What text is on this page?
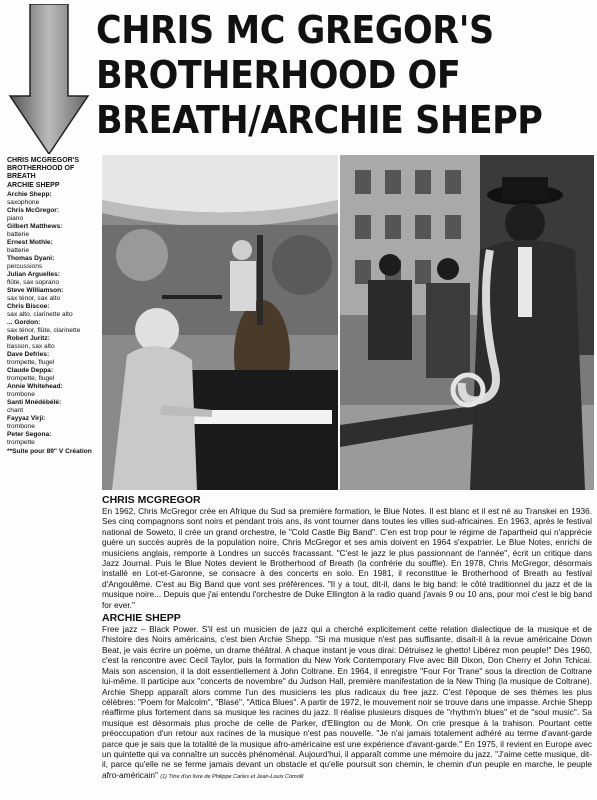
CHRIS MC GREGOR'S
BROTHERHOOD OF
BREATH/ARCHIE SHEPP
CHRIS MCGREGOR'S
BROTHERHOOD OF BREATH
ARCHIE SHEPP
Archie Shepp:
saxophone
Chris McGregor:
piano
Gilbert Matthews:
batterie
Ernest Mothle:
batterie
Thomas Dyani:
percussions
Julian Arguelles:
flûte, sax soprano
Steve Williamson:
sax ténor, sax alto
Chris Biscoe:
sax alto, clarinette alto
... Gordon:
sax ténor, flûte, clarinette
Robert Juritz:
basson, sax alto
Dave Defries:
trompette, flugel
Claude Deppa:
trompette, flugel
Annie Whitehead:
trombone
Santi Mnédébélé:
chant
Fayyaz Virji:
trombone
Peter Segona:
trompette
**Suite pour 89" V Création
CHRIS MCGREGOR

En 1962, Chris McGregor crée en Afrique du Sud sa première formation, le Blue Notes. Il est blanc et il est né au Transkei en 1936. Ses cinq compagnons sont noirs et pendant trois ans, ils vont tourner dans toutes les villes sud-africaines. En 1963, après le festival national de Soweto, il crée un grand orchestre, le "Cold Castle Big Band". C'en est trop pour le régime de l'apartheid qui n'apprécie guère un succès auprès de la population noire, Chris McGregor et ses amis doivent en 1964 s'expatrier. Le Blue Notes, enrichi de musiciens anglais, remporte à Londres un succès fracassant. "C'est le jazz le plus passionnant de l'année", écrit un critique dans Jazz Journal. Puis le Blue Notes devient le Brotherhood of Breath (la confrérie du souffle). En 1978, Chris McGregor, désormais installé en Lot-et-Garonne, se consacre à des concerts en solo. En 1981, il reconstitue le Brotherhood of Breath au festival d'Angoulême. C'est au Big Band que vont ses préférences. "Il y a tout, dit-il, dans le big band: le côté traditionnel du jazz et de la musique noire... Depuis que j'ai entendu l'orchestre de Duke Ellington à la radio quand j'avais 9 ou 10 ans, pour moi c'est le big band for ever."

ARCHIE SHEPP

Free jazz – Black Power. S'il est un musicien de jazz qui a cherché explicitement cette relation dialectique de la musique et de l'histoire des Noirs américains, c'est bien Archie Shepp. "Si ma musique n'est pas suffisante, disait-il à la revue américaine Down Beat, je vais écrire un poème, un drame théâtral. A chaque instant je vous dirai: Détruisez le ghetto! Libérez mon peuple!" Dès 1960, c'est la rencontre avec Cecil Taylor, puis la formation du New York Contemporary Five avec Bill Dixon, Don Cherry et John Tchicai. Mais son ascension, il la doit essentiellement à John Coltrane. En 1964, il enregistre "Four For Trane" sous la direction de Coltrane lui-même. Il participe aux "concerts de novembre" du Judson Hall, première manifestation de la New Thing (la musique de Coltrane). Archie Shepp apparaît alors comme l'un des musiciens les plus radicaux du free jazz. C'est l'époque de ses thèmes les plus célèbres: "Poem for Malcolm", "Blasé", "Attica Blues". A partir de 1972, le mouvement noir se trouve dans une impasse. Archie Shepp réaffirme plus fortement dans sa musique les racines du jazz. Il réalise plusieurs disques de "rhythm'n blues" et de "soul music". Sa musique est désormais plus proche de celle de Parker, d'Ellington ou de Monk. On crie presque à la trahison. Pourtant cette préoccupation d'un retour aux racines de la musique n'est pas nouvelle. "Je n'ai jamais totalement adhéré au terme d'avant-garde parce que je sais que la totalité de la musique afro-américaine est une expérience d'avant-garde." En 1975, il revient en Europe avec un quintette qui va connaître un succès phénoménal. Aujourd'hui, il apparaît comme une mémoire du jazz. "J'aime cette musique, dit-il, parce qu'elle ne se ferme jamais devant un obstacle et qu'elle poursuit son chemin, le chemin d'un peuple en marche, le peuple afro-américain" (1) Titre d'un livre de Philippe Carles et Jean-Louis Comolli
